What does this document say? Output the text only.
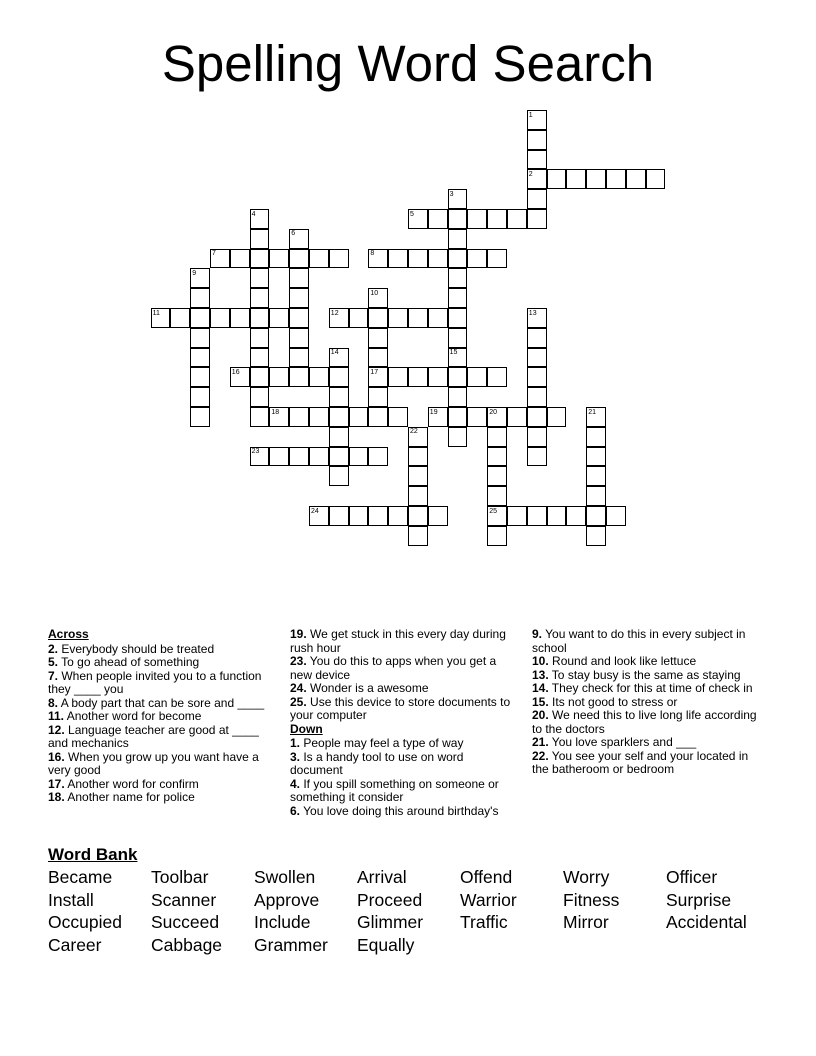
Spelling Word Search
1
2
3
4	5
6
7	8
9
10
11	12	13
14	15
16	17
18	19	20	21
22
23
24	25
Across
2. Everybody should be treated
5. To go ahead of something
7. When people invited you to a function they ____ you
8. A body part that can be sore and ____
11. Another word for become
12. Language teacher are good at ____ and mechanics
16. When you grow up you want have a very good
17. Another word for confirm
18. Another name for police
19. We get stuck in this every day during rush hour
23. You do this to apps when you get a new device
24. Wonder is a awesome
25. Use this device to store documents to your computer
Down
1. People may feel a type of way
3. Is a handy tool to use on word document
4. If you spill something on someone or something it consider
6. You love doing this around birthday's
9. You want to do this in every subject in school
10. Round and look like lettuce
13. To stay busy is the same as staying
14. They check for this at time of check in
15. Its not good to stress or
20. We need this to live long life according to the doctors
21. You love sparklers and ___
22. You see your self and your located in the batheroom or bedroom
Word Bank
Became Toolbar	Swollen Arrival	Offend	Worry	Officer
Install	Scanner Approve Proceed Warrior	Fitness	Surprise
Occupied Succeed Include	Glimmer Traffic	Mirror	Accidental
Career	Cabbage Grammer Equally
